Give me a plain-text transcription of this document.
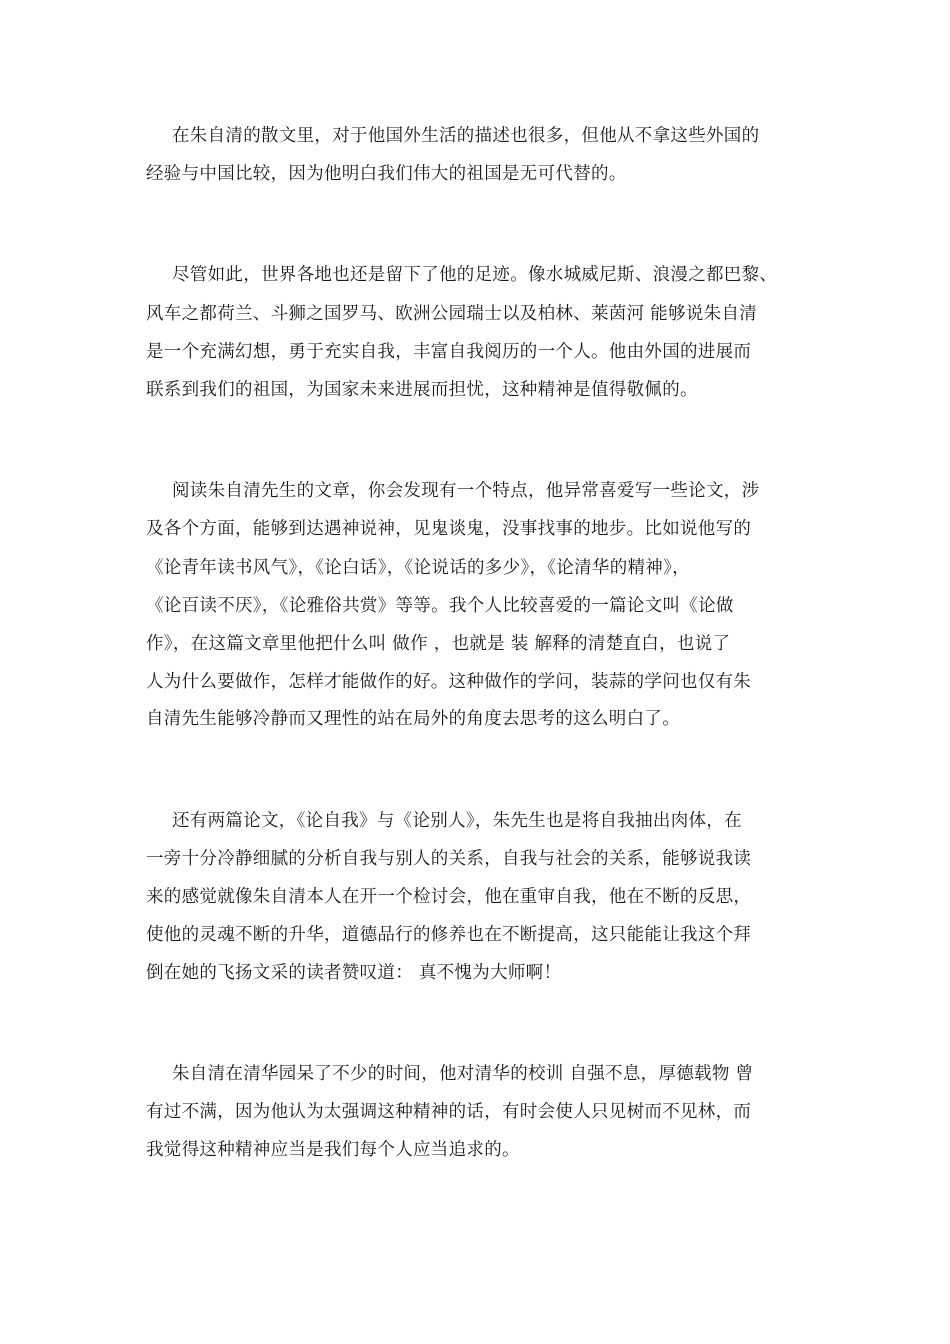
在朱自清的散文里，对于他国外生活的描述也很多，但他从不拿这些外国的

经验与中国比较，因为他明白我们伟大的祖国是无可代替的。

尽管如此，世界各地也还是留下了他的足迹。像水城威尼斯、浪漫之都巴黎、

风车之都荷兰、斗狮之国罗马、欧洲公园瑞士以及柏林、莱茵河 能够说朱自清

是一个充满幻想，勇于充实自我，丰富自我阅历的一个人。他由外国的进展而

联系到我们的祖国，为国家未来进展而担忧，这种精神是值得敬佩的。

阅读朱自清先生的文章，你会发现有一个特点，他异常喜爱写一些论文，涉

及各个方面，能够到达遇神说神，见鬼谈鬼，没事找事的地步。比如说他写的

《论青年读书风气》，《论白话》，《论说话的多少》，《论清华的精神》，

《论百读不厌》，《论雅俗共赏》等等。我个人比较喜爱的一篇论文叫《论做

作》，在这篇文章里他把什么叫 做作 ，也就是 装 解释的清楚直白，也说了

人为什么要做作，怎样才能做作的好。这种做作的学问，装蒜的学问也仅有朱

自清先生能够冷静而又理性的站在局外的角度去思考的这么明白了。

还有两篇论文，《论自我》与《论别人》，朱先生也是将自我抽出肉体，在

一旁十分冷静细腻的分析自我与别人的关系，自我与社会的关系，能够说我读

来的感觉就像朱自清本人在开一个检讨会，他在重审自我，他在不断的反思，

使他的灵魂不断的升华，道德品行的修养也在不断提高，这只能能让我这个拜

倒在她的飞扬文采的读者赞叹道： 真不愧为大师啊！

朱自清在清华园呆了不少的时间，他对清华的校训 自强不息，厚德载物 曾

有过不满，因为他认为太强调这种精神的话，有时会使人只见树而不见林，而

我觉得这种精神应当是我们每个人应当追求的。
